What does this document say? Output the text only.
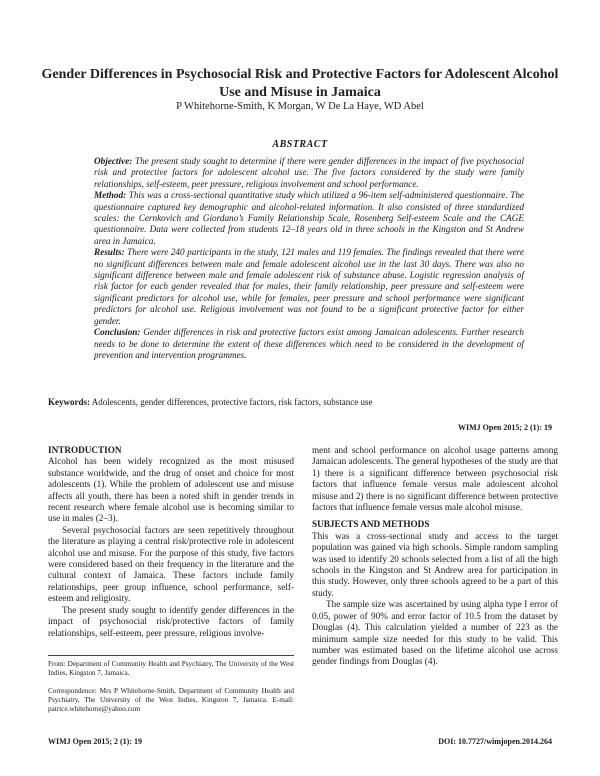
Gender Differences in Psychosocial Risk and Protective Factors for Adolescent Alcohol Use and Misuse in Jamaica
P Whitehorne-Smith, K Morgan, W De La Haye, WD Abel
ABSTRACT

Objective: The present study sought to determine if there were gender differences in the impact of five psychosocial risk and protective factors for adolescent alcohol use. The five factors considered by the study were family relationships, self-esteem, peer pressure, religious involvement and school performance.

Method: This was a cross-sectional quantitative study which utilized a 96-item self-administered questionnaire. The questionnaire captured key demographic and alcohol-related information. It also consisted of three standardized scales: the Cernkovich and Giordano’s Family Relationship Scale, Rosenberg Self-esteem Scale and the CAGE questionnaire. Data were collected from students 12–18 years old in three schools in the Kingston and St Andrew area in Jamaica.

Results: There were 240 participants in the study, 121 males and 119 females. The findings revealed that there were no significant differences between male and female adolescent alcohol use in the last 30 days. There was also no significant difference between male and female adolescent risk of substance abuse. Logistic regression analysis of risk factor for each gender revealed that for males, their family relationship, peer pressure and self-esteem were significant predictors for alcohol use, while for females, peer pressure and school performance were significant predictors for alcohol use. Religious involvement was not found to be a significant protective factor for either gender.

Conclusion: Gender differences in risk and protective factors exist among Jamaican adolescents. Further research needs to be done to determine the extent of these differences which need to be considered in the development of prevention and intervention programmes.

Keywords: Adolescents, gender differences, protective factors, risk factors, substance use
WIMJ Open 2015; 2 (1): 19

INTRODUCTION

Alcohol has been widely recognized as the most misused substance worldwide, and the drug of onset and choice for most adolescents (1). While the problem of adolescent use and misuse affects all youth, there has been a noted shift in gender trends in recent research where female alcohol use is becoming similar to use in males (2–3).

Several psychosocial factors are seen repetitively throughout the literature as playing a central risk/protective role in adolescent alcohol use and misuse. For the purpose of this study, five factors were considered based on their frequency in the literature and the cultural context of Jamaica. These factors include family relationships, peer group influence, school performance, self-esteem and religiosity.

The present study sought to identify gender differences in the impact of psychosocial risk/protective factors of family relationships, self-esteem, peer pressure, religious involve-

ment and school performance on alcohol usage patterns among Jamaican adolescents. The general hypotheses of the study are that 1) there is a significant difference between psychosocial risk factors that influence female versus male adolescent alcohol misuse and 2) there is no significant difference between protective factors that influence female versus male alcohol misuse.

SUBJECTS AND METHODS

This was a cross-sectional study and access to the target population was gained via high schools. Simple random sampling was used to identify 20 schools selected from a list of all the high schools in the Kingston and St Andrew area for participation in this study. However, only three schools agreed to be a part of this study.

The sample size was ascertained by using alpha type I error of 0.05, power of 90% and error factor of 10.5 from the dataset by Douglas (4). This calculation yielded a number of 223 as the minimum sample size needed for this study to be valid. This number was estimated based on the lifetime alcohol use across gender findings from Douglas (4).

From: Department of Community Health and Psychiatry, The University of the West Indies, Kingston 7, Jamaica.
Correspondence: Mrs P Whitehorne-Smith, Department of Community Health and Psychiatry, The University of the West Indies, Kingston 7, Jamaica. E-mail: patrice.whitehorne@yahoo.com
WIMJ Open 2015; 2 (1): 19	DOI: 10.7727/wimjopen.2014.264
